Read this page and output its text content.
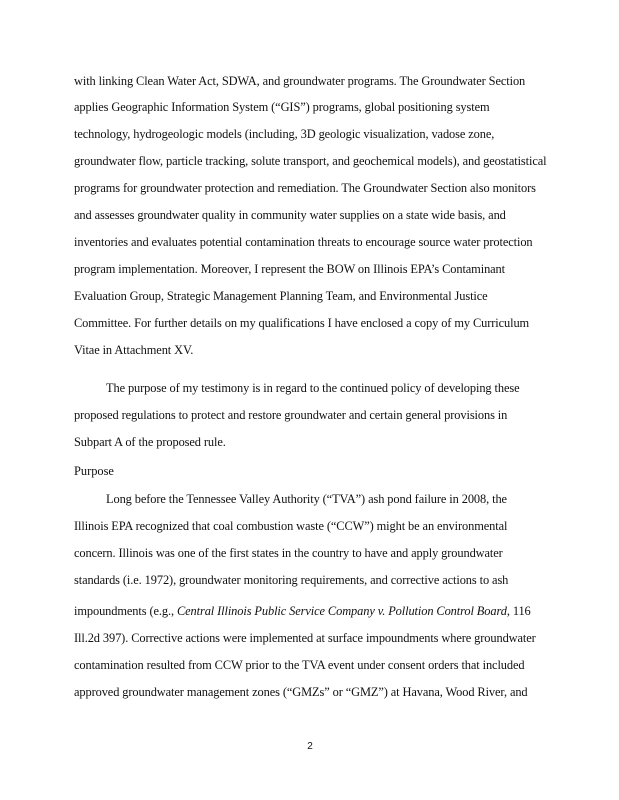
with linking Clean Water Act, SDWA, and groundwater programs. The Groundwater Section
applies Geographic Information System (“GIS”) programs, global positioning system
technology, hydrogeologic models (including, 3D geologic visualization, vadose zone,
groundwater flow, particle tracking, solute transport, and geochemical models), and geostatistical
programs for groundwater protection and remediation. The Groundwater Section also monitors
and assesses groundwater quality in community water supplies on a state wide basis, and
inventories and evaluates potential contamination threats to encourage source water protection
program implementation. Moreover, I represent the BOW on Illinois EPA’s Contaminant
Evaluation Group, Strategic Management Planning Team, and Environmental Justice
Committee. For further details on my qualifications I have enclosed a copy of my Curriculum
Vitae in Attachment XV.
The purpose of my testimony is in regard to the continued policy of developing these
proposed regulations to protect and restore groundwater and certain general provisions in
Subpart A of the proposed rule.
Purpose
Long before the Tennessee Valley Authority (“TVA”) ash pond failure in 2008, the
Illinois EPA recognized that coal combustion waste (“CCW”) might be an environmental
concern. Illinois was one of the first states in the country to have and apply groundwater
standards (i.e. 1972), groundwater monitoring requirements, and corrective actions to ash
impoundments (e.g., Central Illinois Public Service Company v. Pollution Control Board, 116
Ill.2d 397). Corrective actions were implemented at surface impoundments where groundwater
contamination resulted from CCW prior to the TVA event under consent orders that included
approved groundwater management zones (“GMZs” or “GMZ”) at Havana, Wood River, and
2
